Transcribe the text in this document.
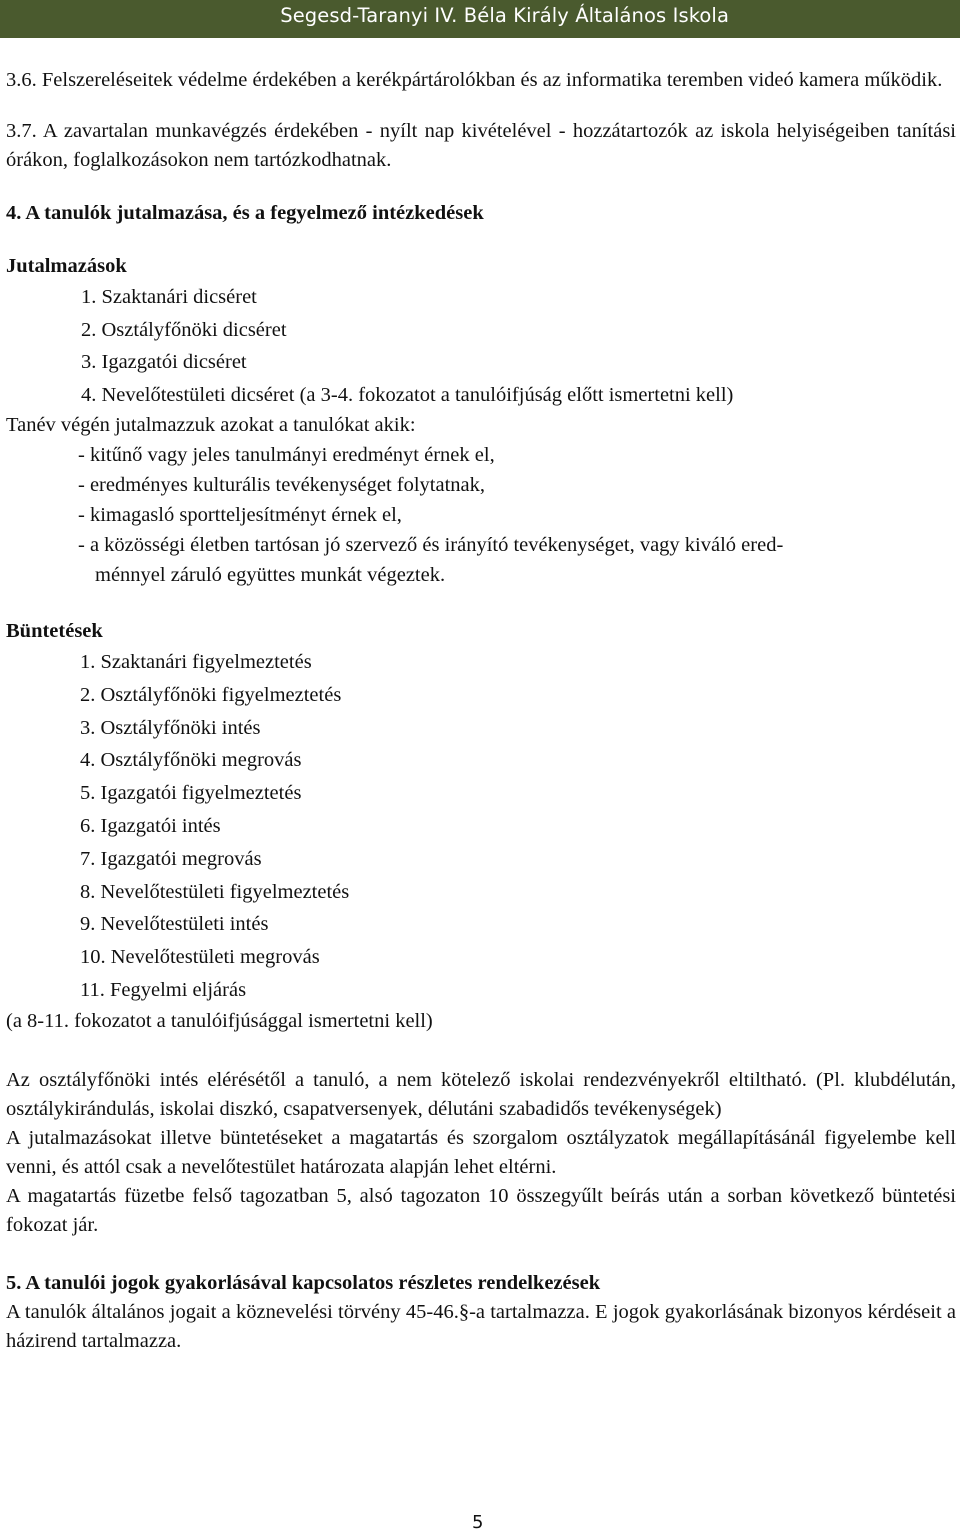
Segesd-Taranyi IV. Béla Király Általános Iskola

3.6. Felszereléseitek védelme érdekében a kerékpártárolókban és az informatika teremben videó kamera működik.

3.7. A zavartalan munkavégzés érdekében - nyílt nap kivételével - hozzátartozók az iskola helyiségeiben tanítási órákon, foglalkozásokon nem tartózkodhatnak.

4. A tanulók jutalmazása, és a fegyelmező intézkedések

Jutalmazások

1. Szaktanári dicséret
2. Osztályfőnöki dicséret
3. Igazgatói dicséret
4. Nevelőtestületi dicséret (a 3-4. fokozatot a tanulóifjúság előtt ismertetni kell)

Tanév végén jutalmazzuk azokat a tanulókat akik:

- kitűnő vagy jeles tanulmányi eredményt érnek el,
- eredményes kulturális tevékenységet folytatnak,
- kimagasló sportteljesítményt érnek el,
- a közösségi életben tartósan jó szervező és irányító tevékenységet, vagy kiváló ered-
ménnyel záruló együttes munkát végeztek.

Büntetések

1. Szaktanári figyelmeztetés
2. Osztályfőnöki figyelmeztetés
3. Osztályfőnöki intés
4. Osztályfőnöki megrovás
5. Igazgatói figyelmeztetés
6. Igazgatói intés
7. Igazgatói megrovás
8. Nevelőtestületi figyelmeztetés
9. Nevelőtestületi intés
10. Nevelőtestületi megrovás
11. Fegyelmi eljárás

(a 8-11. fokozatot a tanulóifjúsággal ismertetni kell)

Az osztályfőnöki intés elérésétől a tanuló, a nem kötelező iskolai rendezvényekről eltiltható. (Pl. klubdélután, osztálykirándulás, iskolai diszkó, csapatversenyek, délutáni szabadidős tevékenységek)

A jutalmazásokat illetve büntetéseket a magatartás és szorgalom osztályzatok megállapításánál figyelembe kell venni, és attól csak a nevelőtestület határozata alapján lehet eltérni.

A magatartás füzetbe felső tagozatban 5, alsó tagozaton 10 összegyűlt beírás után a sorban következő büntetési fokozat jár.

5. A tanulói jogok gyakorlásával kapcsolatos részletes rendelkezések

A tanulók általános jogait a köznevelési törvény 45-46.§-a tartalmazza. E jogok gyakorlásának bizonyos kérdéseit a házirend tartalmazza.

5
